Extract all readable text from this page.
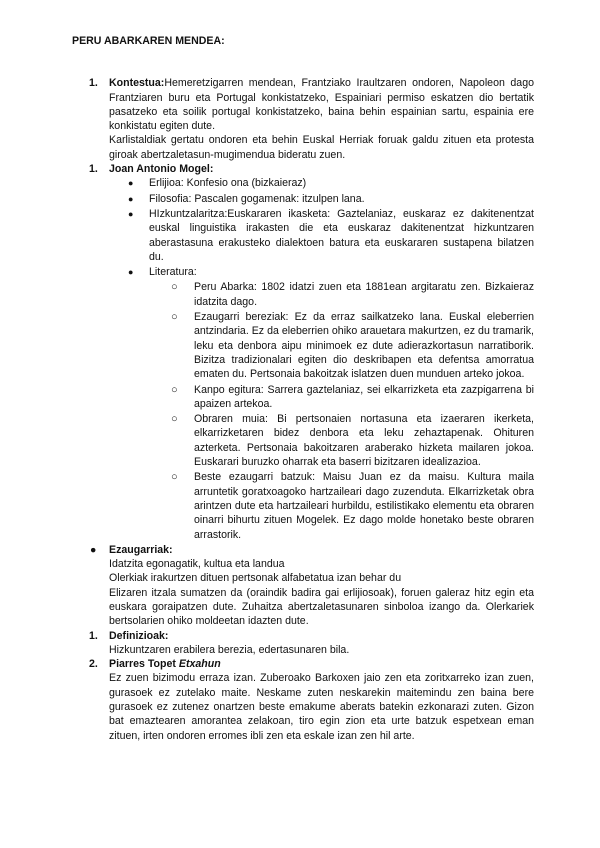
PERU ABARKAREN MENDEA:
1. Kontestua:Hemeretzigarren mendean, Frantziako Iraultzaren ondoren, Napoleon dago Frantziaren buru eta Portugal konkistatzeko, Espainiari permiso eskatzen dio bertatik pasatzeko eta soilik portugal konkistatzeko, baina behin espainian sartu, espainia ere konkistatu egiten dute.

Karlistaldiak gertatu ondoren eta behin Euskal Herriak foruak galdu zituen eta protesta giroak abertzaletasun-mugimendua bideratu zuen.

1. Joan Antonio Mogel:

● Erlijioa: Konfesio ona (bizkaieraz)
● Filosofia: Pascalen gogamenak: itzulpen lana.
● HIzkuntzalaritza:Euskararen ikasketa: Gaztelaniaz, euskaraz ez dakitenentzat euskal linguistika irakasten die eta euskaraz dakitenentzat hizkuntzaren aberastasuna erakusteko dialektoen batura eta euskararen sustapena bilatzen du.
● Literatura:
○ Peru Abarka: 1802 idatzi zuen eta 1881ean argitaratu zen. Bizkaieraz idatzita dago.
○ Ezaugarri bereziak: Ez da erraz sailkatzeko lana. Euskal eleberrien antzindaria. Ez da eleberrien ohiko arauetara makurtzen, ez du tramarik, leku eta denbora aipu minimoek ez dute adierazkortasun narratiborik. Bizitza tradizionalari egiten dio deskribapen eta defentsa amorratua ematen du. Pertsonaia bakoitzak islatzen duen munduen arteko jokoa.
○ Kanpo egitura: Sarrera gaztelaniaz, sei elkarrizketa eta zazpigarrena bi apaizen artekoa.
○ Obraren muia: Bi pertsonaien nortasuna eta izaeraren ikerketa, elkarrizketaren bidez denbora eta leku zehaztapenak. Ohituren azterketa. Pertsonaia bakoitzaren araberako hizketa mailaren jokoa. Euskarari buruzko oharrak eta baserri bizitzaren idealizazioa.
○ Beste ezaugarri batzuk: Maisu Juan ez da maisu. Kultura maila arruntetik goratxoagoko hartzaileari dago zuzenduta. Elkarrizketak obra arintzen dute eta hartzaileari hurbildu, estilistikako elementu eta obraren oinarri bihurtu zituen Mogelek. Ez dago molde honetako beste obraren arrastorik.
● Ezaugarriak:

Idatzita egonagatik, kultua eta landua

Olerkiak irakurtzen dituen pertsonak alfabetatua izan behar du

Elizaren itzala sumatzen da (oraindik badira gai erlijiosoak), foruen galeraz hitz egin eta euskara goraipatzen dute. Zuhaitza abertzaletasunaren sinboloa izango da. Olerkariek bertsolarien ohiko moldeetan idazten dute.

1. Definizioak:

Hizkuntzaren erabilera berezia, edertasunaren bila.

2. Piarres Topet Etxahun

Ez zuen bizimodu erraza izan. Zuberoako Barkoxen jaio zen eta zoritxarreko izan zuen, gurasoek ez zutelako maite. Neskame zuten neskarekin maitemindu zen baina bere gurasoek ez zutenez onartzen beste emakume aberats batekin ezkonarazi zuten. Gizon bat emaztearen amorantea zelakoan, tiro egin zion eta urte batzuk espetxean eman zituen, irten ondoren erromes ibli zen eta eskale izan zen hil arte.
